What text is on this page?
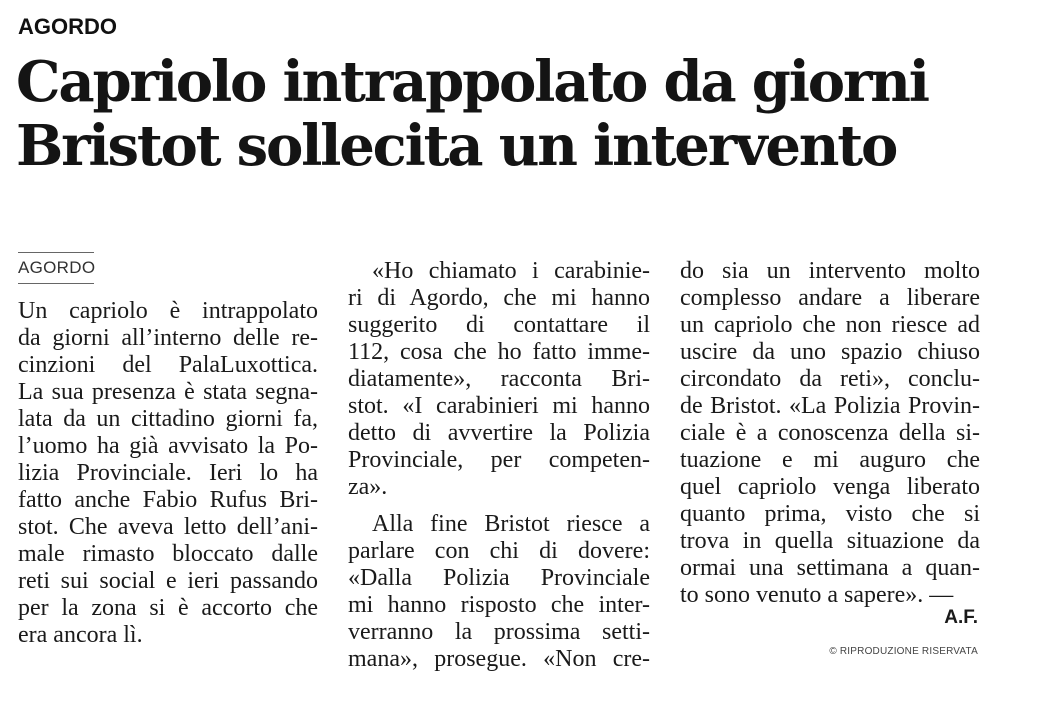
AGORDO
Capriolo intrappolato da giorni
Bristot sollecita un intervento
AGORDO

Un capriolo è intrappolato
da giorni all’interno delle re-
cinzioni del PalaLuxottica.
La sua presenza è stata segna-
lata da un cittadino giorni fa,
l’uomo ha già avvisato la Po-
lizia Provinciale. Ieri lo ha
fatto anche Fabio Rufus Bri-
stot. Che aveva letto dell’ani-
male rimasto bloccato dalle
reti sui social e ieri passando
per la zona si è accorto che
era ancora lì.

«Ho chiamato i carabinie-
ri di Agordo, che mi hanno
suggerito di contattare il
112, cosa che ho fatto imme-
diatamente», racconta Bri-
stot. «I carabinieri mi hanno
detto di avvertire la Polizia
Provinciale, per competen-
za».

Alla fine Bristot riesce a
parlare con chi di dovere:
«Dalla Polizia Provinciale
mi hanno risposto che inter-
verranno la prossima setti-
mana», prosegue. «Non cre-

do sia un intervento molto
complesso andare a liberare
un capriolo che non riesce ad
uscire da uno spazio chiuso
circondato da reti», conclu-
de Bristot. «La Polizia Provin-
ciale è a conoscenza della si-
tuazione e mi auguro che
quel capriolo venga liberato
quanto prima, visto che si
trova in quella situazione da
ormai una settimana a quan-
to sono venuto a sapere». —

A.F.
© RIPRODUZIONE RISERVATA
